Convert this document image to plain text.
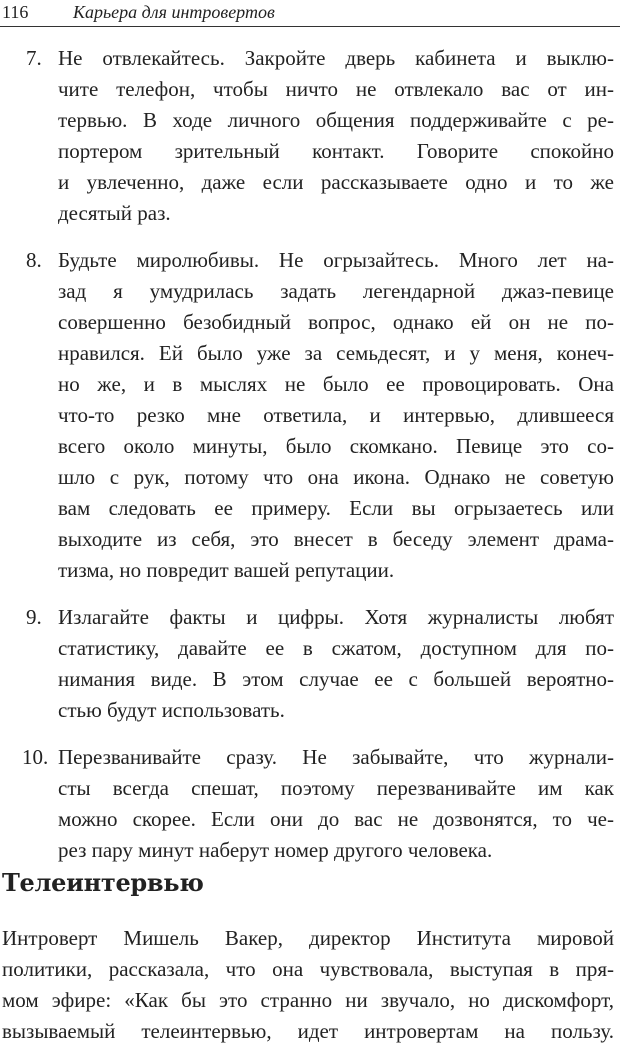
116 Карьера для интровертов
7. Не отвлекайтесь. Закройте дверь кабинета и выклю-
чите телефон, чтобы ничто не отвлекало вас от ин-
тервью. В ходе личного общения поддерживайте с ре-
портером зрительный контакт. Говорите спокойно
и увлеченно, даже если рассказываете одно и то же
десятый раз.
8. Будьте миролюбивы. Не огрызайтесь. Много лет на-
зад я умудрилась задать легендарной джаз-певице
совершенно безобидный вопрос, однако ей он не по-
нравился. Ей было уже за семьдесят, и у меня, конеч-
но же, и в мыслях не было ее провоцировать. Она
что-то резко мне ответила, и интервью, длившееся
всего около минуты, было скомкано. Певице это со-
шло с рук, потому что она икона. Однако не советую
вам следовать ее примеру. Если вы огрызаетесь или
выходите из себя, это внесет в беседу элемент драма-
тизма, но повредит вашей репутации.
9. Излагайте факты и цифры. Хотя журналисты любят
статистику, давайте ее в сжатом, доступном для по-
нимания виде. В этом случае ее с большей вероятно-
стью будут использовать.
10. Перезванивайте сразу. Не забывайте, что журнали-
сты всегда спешат, поэтому перезванивайте им как
можно скорее. Если они до вас не дозвонятся, то че-
рез пару минут наберут номер другого человека.
Телеинтервью
Интроверт Мишель Вакер, директор Института мировой
политики, рассказала, что она чувствовала, выступая в пря-
мом эфире: «Как бы это странно ни звучало, но дискомфорт,
вызываемый телеинтервью, идет интровертам на пользу.
